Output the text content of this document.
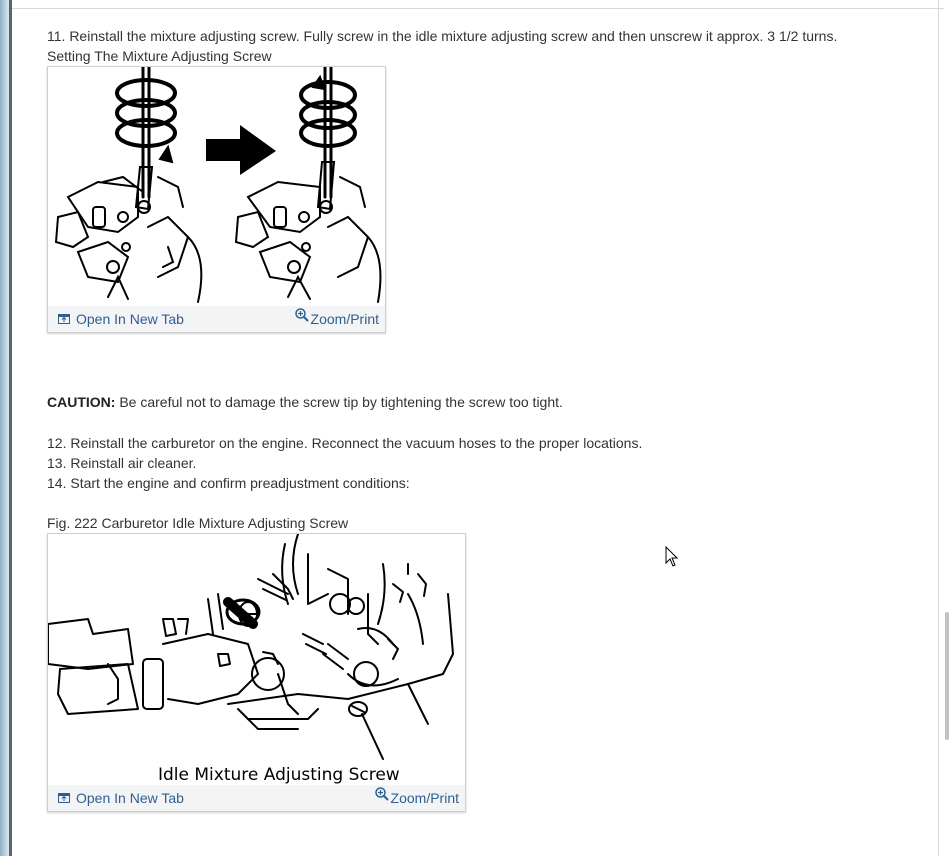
11. Reinstall the mixture adjusting screw. Fully screw in the idle mixture adjusting screw and then unscrew it approx. 3 1/2 turns.
Setting The Mixture Adjusting Screw
Open In New Tab	Zoom/Print
CAUTION: Be careful not to damage the screw tip by tightening the screw too tight.
12. Reinstall the carburetor on the engine. Reconnect the vacuum hoses to the proper locations.
13. Reinstall air cleaner.
14. Start the engine and confirm preadjustment conditions:
Fig. 222 Carburetor Idle Mixture Adjusting Screw
Idle Mixture Adjusting Screw
Open In New Tab	Zoom/Print
